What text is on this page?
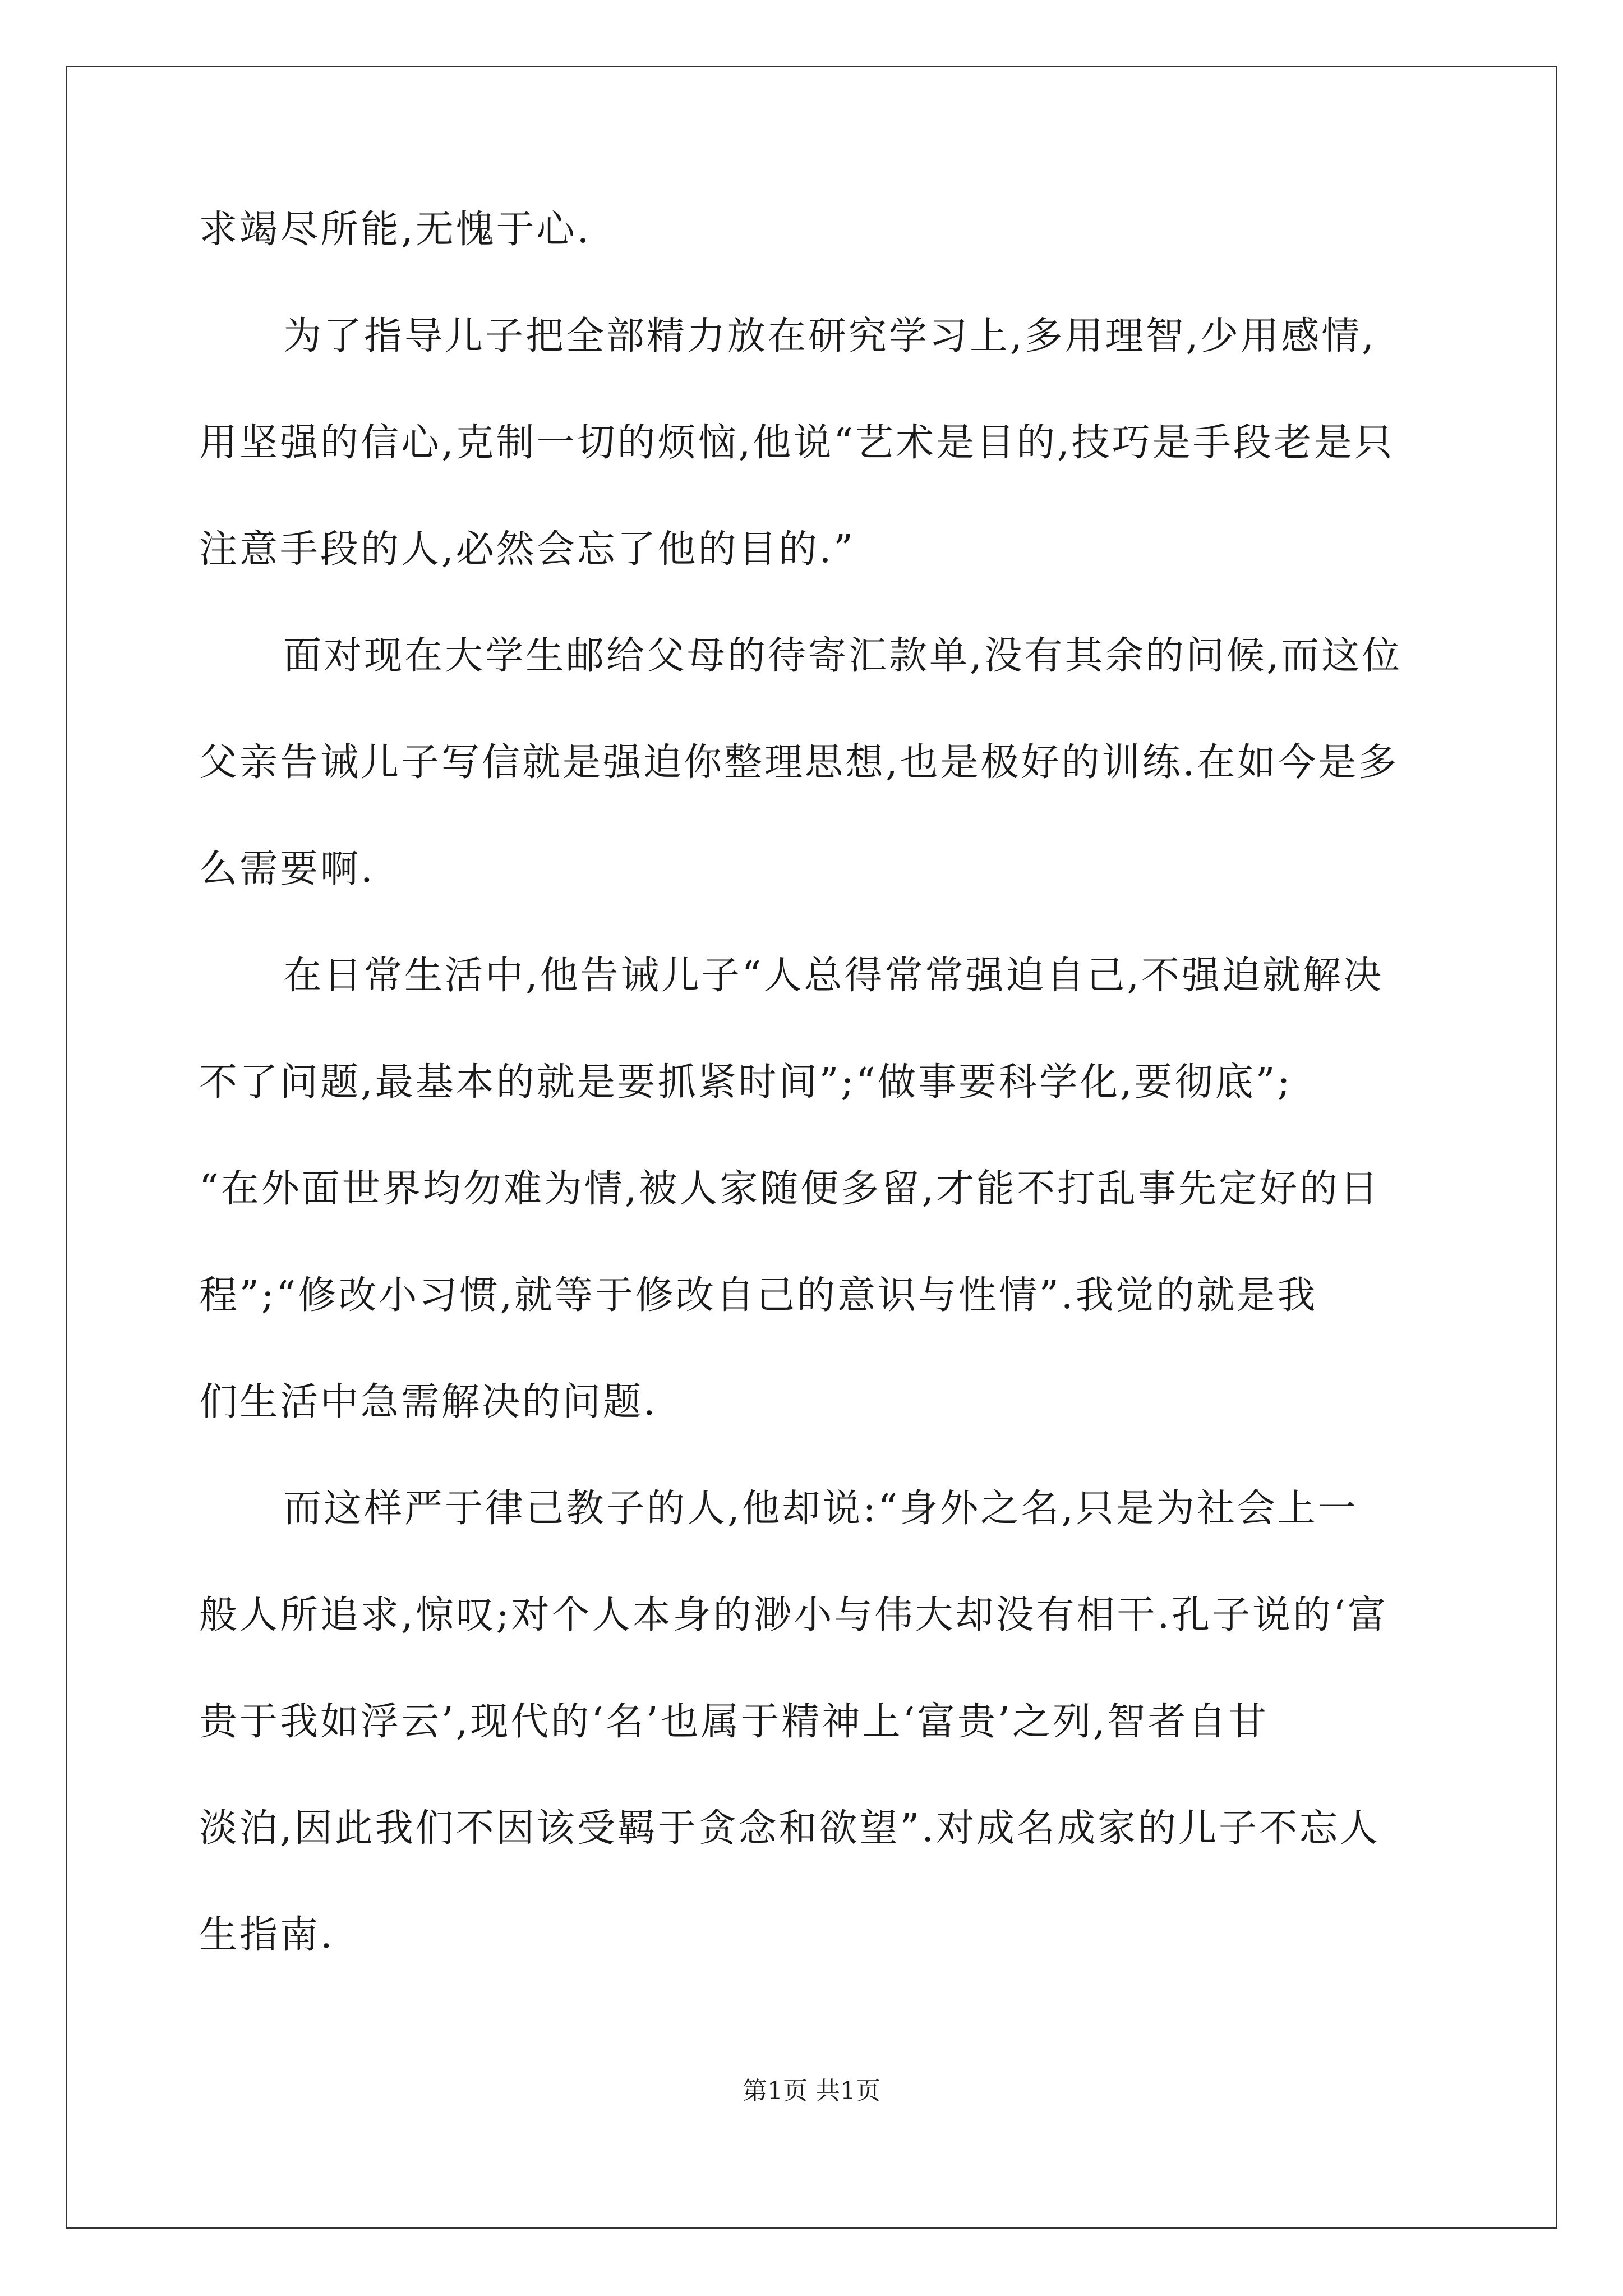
求竭尽所能,无愧于心.
为了指导儿子把全部精力放在研究学习上,多用理智,少用感情,
用坚强的信心,克制一切的烦恼,他说“艺术是目的,技巧是手段老是只
注意手段的人,必然会忘了他的目的.”
面对现在大学生邮给父母的待寄汇款单,没有其余的问候,而这位
父亲告诫儿子写信就是强迫你整理思想,也是极好的训练.在如今是多
么需要啊.
在日常生活中,他告诫儿子“人总得常常强迫自己,不强迫就解决
不了问题,最基本的就是要抓紧时间”;“做事要科学化,要彻底”;
“在外面世界均勿难为情,被人家随便多留,才能不打乱事先定好的日
程”;“修改小习惯,就等于修改自己的意识与性情”.我觉的就是我
们生活中急需解决的问题.
而这样严于律己教子的人,他却说:“身外之名,只是为社会上一
般人所追求,惊叹;对个人本身的渺小与伟大却没有相干.孔子说的‘富
贵于我如浮云’,现代的‘名’也属于精神上‘富贵’之列,智者自甘
淡泊,因此我们不因该受羁于贪念和欲望”.对成名成家的儿子不忘人
生指南.
第1页 共1页
